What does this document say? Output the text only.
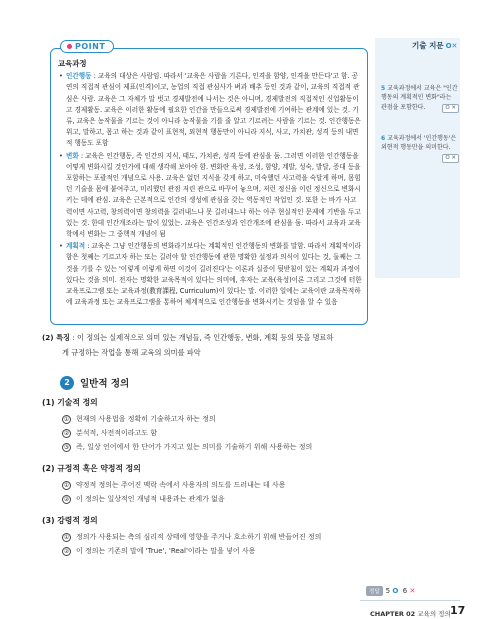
POINT
교육과정
• 인간행동 : 교육의 대상은 사람임. 따라서 '교육은 사람을 기른다, 인격을 함양, 인격을 만든다'고 함. 공연의 직접적 관심이 제표(인격)이고, 농업의 직접 관심사가 벼과 배추 등인 것과 같이, 교육의 직접적 관심은 사람. 교육은 그 자체가 말 벗고 경제발전에 나서는 것은 아니며, 경제발전의 직접적인 신업활동이고 경제활동. 교육은 이러한 활동에 필요한 인간을 만들으로써 경제발전에 기여하는 관계에 있는 것. 기류, 교육은 농작물을 기르는 것이 아니라 농작물을 기를 줄 알고 기르려는 사람을 기르는 것. 인간행동은 위고, 말하고, 몸고 하는 것과 같이 표현적, 외현적 행동만이 아니라 지식, 사고, 가치관, 성격 등의 내면적 행동도 포함
• 변화 : 교육은 인간행동, 즉 인간의 지식, 태도, 가치관, 성격 등에 관심을 둠. 그러면 이러한 인간행동을 어떻게 변화시킬 것인가에 대해 생각해 보아야 함. 변화란 육성, 조성, 함양, 계발, 성숙, 발달, 증대 등을 포함하는 포괄적인 개념으로 사용. 교육은 없던 지식을 갖게 하고, 미숙했던 사고력을 숙달게 하며, 몸힘던 기술을 몸에 붙여주고, 미리했던 관점 저린 관으로 바꾸어 놓으며, 저런 정신을 이린 정신으로 변화시키는 데에 관심. 교육은 근본적으로 인간의 생성에 관심을 갖는 역동적인 작업인 것. 또한 는 바가 사고력이면 사고력, 창의력이면 창의력을 길러내느나 못 길러내느냐 하는 아주 현실적인 문제에 기반을 두고 있는 것. 한데 인간개조라는 말이 있었는. 교육은 인간조성과 인간개조에 관심을 둠. 따라서 교육과 교육학에서 변화는 그 중핵적 개념이 됨
• 계획적 : 교육은 그냥 인간행동의 변화라기보다는 계획적인 인간행동의 변화를 말함. 따라서 계획적이라 함은 첫째는 기르고자 하는 또는 길러야 할 인간행동에 관한 명확한 설정과 의식이 있다는 것, 둘째는 그것을 기를 수 있는 '이렇게 이렇게 하면 이것이 길러진다'는 이론과 실증이 뒷받침이 있는 계획과 과정이 있다는 것을 의미. 전자는 명확한 교육목적이 있다는 의미에, 후자는 교육(육성)이론 그리고 그것에 터한 교육프로그램 또는 교육과정(教育課程, Curriculum)이 있다는 말. 이러한 일에는 교육이란 교육목적하에 교육과정 또는 교육프로그램을 통하여 체계적으로 인간행동을 변화시키는 것임을 알 수 있음
기출 지문 O✕
5 교육과정에서 교육은 "인간행동의 계획적인 변화"라는 관점을 포함한다.	O ✕
6 교육과정에서 '인간행동'은 외현적 행동만을 의미한다.
O ✕
(2) 특징 : 이 정의는 실제적으로 의미 있는 개념들, 즉 인간행동, 변화, 계획 등의 뜻을 명료하
게 규정하는 작업을 통해 교육의 의미를 파악
2 일반적 정의
(1) 기술적 정의
① 현재의 사용법을 정확히 기술하고자 하는 정의
② 분석적, 사전적이라고도 함
③ 즉, 일상 언어에서 한 단어가 가지고 있는 의미를 기술하기 위해 사용하는 정의
(2) 규정적 혹은 약정적 정의
① 약정적 정의는 주어진 맥락 속에서 사용자의 의도를 드러내는 데 사용
② 이 정의는 일상적인 개념적 내용과는 관계가 없음
(3) 강령적 정의
① 정의가 사용되는 측의 심리적 상태에 영향을 주거나 호소하기 위해 반들어진 정의
② 이 정의는 기존의 말에 'True', 'Real'이라는 말을 넣어 사용
정답 5 O 6 ✕
CHAPTER 02 교육의 정의 17
